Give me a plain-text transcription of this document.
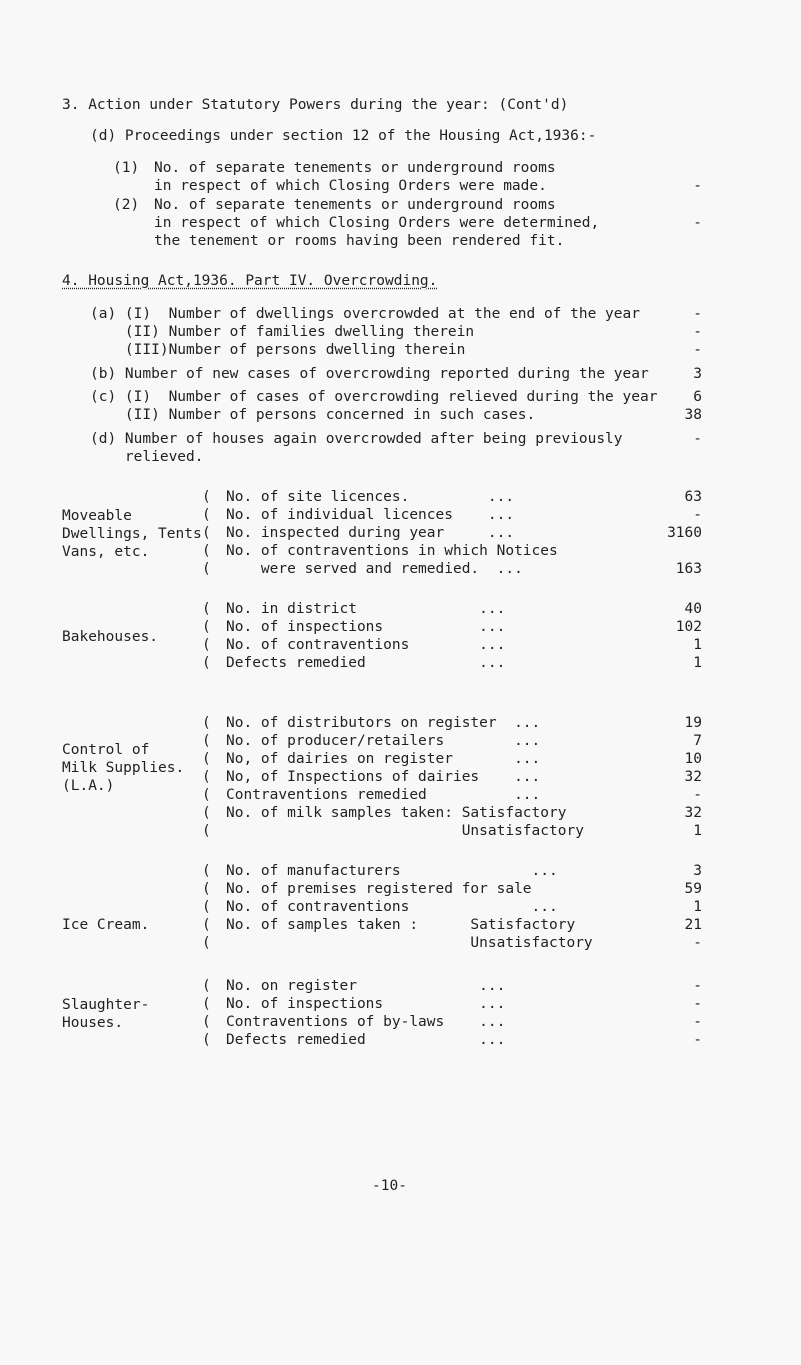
3. Action under Statutory Powers during the year: (Cont'd)
(d) Proceedings under section 12 of the Housing Act,1936:-
(1) No. of separate tenements or underground rooms
in respect of which Closing Orders were made.	-
(2) No. of separate tenements or underground rooms
in respect of which Closing Orders were determined,	-
the tenement or rooms having been rendered fit.
4. Housing Act,1936. Part IV. Overcrowding.
(a) (I)  Number of dwellings overcrowded at the end of the year	-
(II) Number of families dwelling therein	-
(III)Number of persons dwelling therein	-
(b) Number of new cases of overcrowding reported during the year	3
(c) (I)  Number of cases of overcrowding relieved during the year	6
(II) Number of persons concerned in such cases.	38
(d) Number of houses again overcrowded after being previously	-
relieved.
Moveable
Dwellings, Tents
Vans, etc.
(
(
(
(
(
No. of site licences.         ...	63
No. of individual licences    ...	-
No. inspected during year     ...	3160
No. of contraventions in which Notices
were served and remedied.  ...	163
Bakehouses.
(
(
(
(
No. in district              ...	40
No. of inspections           ...	102
No. of contraventions        ...	1
Defects remedied             ...	1
Control of
Milk Supplies.
(L.A.)
(
(
(
(
(
(
(
No. of distributors on register  ...	19
No. of producer/retailers        ...	7
No, of dairies on register       ...	10
No, of Inspections of dairies    ...	32
Contraventions remedied          ...	-
No. of milk samples taken: Satisfactory	32
Unsatisfactory	1
Ice Cream.
(
(
(
(
(
No. of manufacturers               ...	3
No. of premises registered for sale	59
No. of contraventions              ...	1
No. of samples taken :      Satisfactory	21
Unsatisfactory	-
Slaughter-
Houses.
(
(
(
(
No. on register              ...	-
No. of inspections           ...	-
Contraventions of by-laws    ...	-
Defects remedied             ...	-
-10-
